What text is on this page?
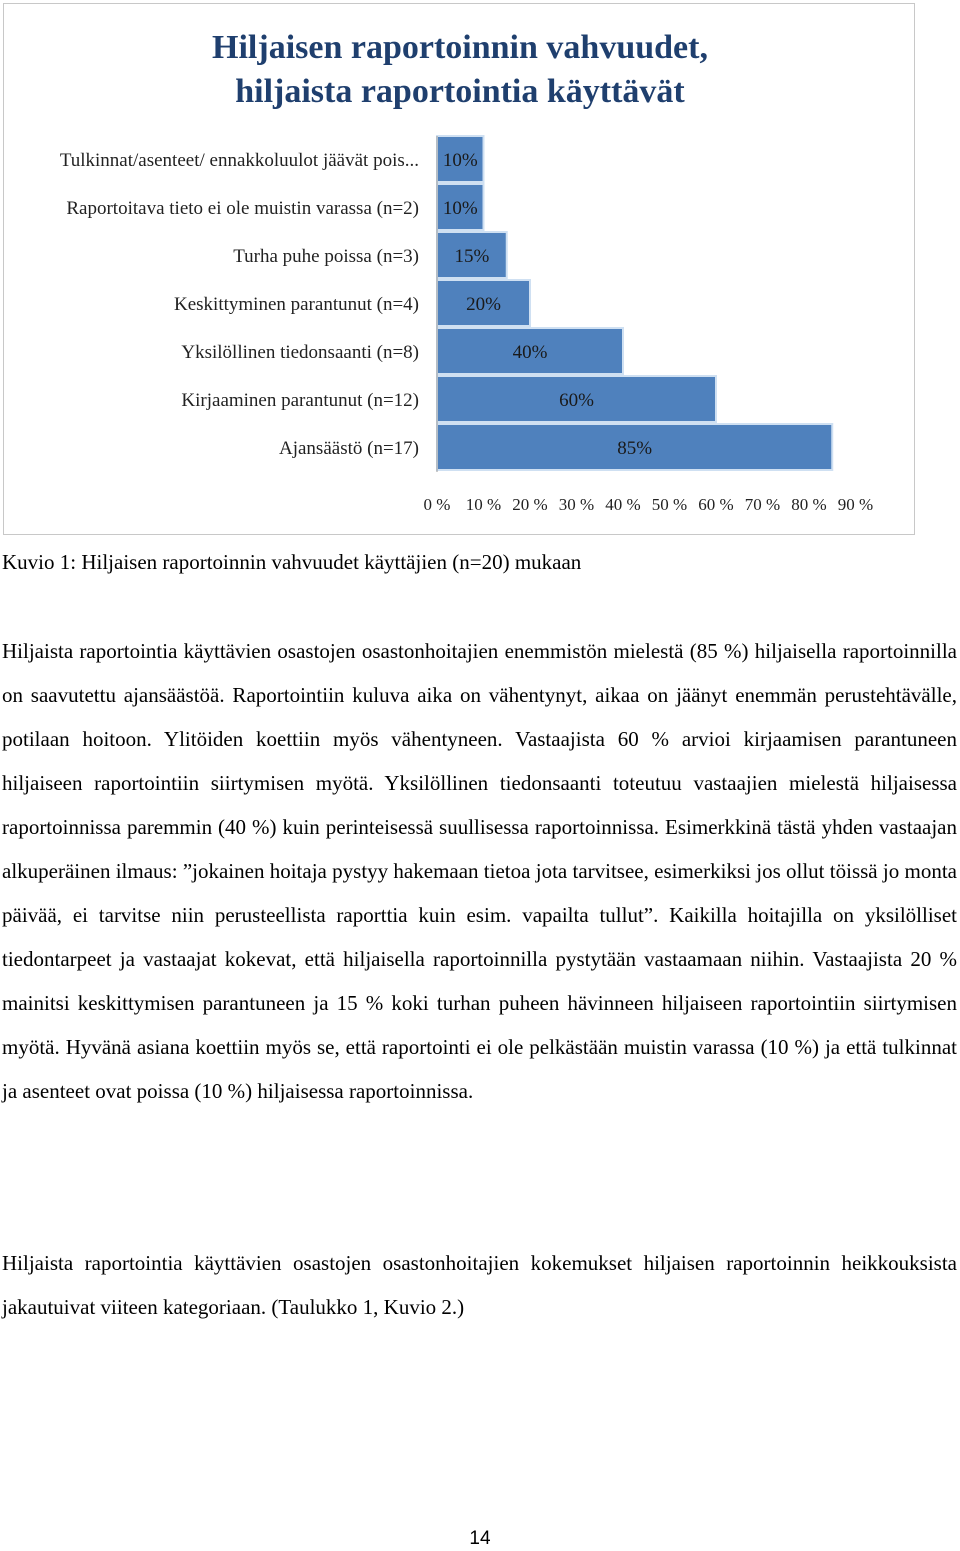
Hiljaisen raportoinnin vahvuudet,
hiljaista raportointia käyttävät
Tulkinnat/asenteet/ ennakkoluulot jäävät pois...
Raportoitava tieto ei ole muistin varassa (n=2)
Turha puhe poissa (n=3)
Keskittyminen parantunut (n=4)
Yksilöllinen tiedonsaanti (n=8)
Kirjaaminen parantunut (n=12)
Ajansäästö (n=17)
10%
10%
15%
20%
40%
60%
85%
0 % 10 % 20 % 30 % 40 % 50 % 60 % 70 % 80 % 90 %
Kuvio 1: Hiljaisen raportoinnin vahvuudet käyttäjien (n=20) mukaan

Hiljaista raportointia käyttävien osastojen osastonhoitajien enemmistön mielestä (85 %) hiljaisella raportoinnilla on saavutettu ajansäästöä. Raportointiin kuluva aika on vähentynyt, aikaa on jäänyt enemmän perustehtävälle, potilaan hoitoon. Ylitöiden koettiin myös vähentyneen. Vastaajista 60 % arvioi kirjaamisen parantuneen hiljaiseen raportointiin siirtymisen myötä. Yksilöllinen tiedonsaanti toteutuu vastaajien mielestä hiljaisessa raportoinnissa paremmin (40 %) kuin perinteisessä suullisessa raportoinnissa. Esimerkkinä tästä yhden vastaajan alkuperäinen ilmaus: ”jokainen hoitaja pystyy hakemaan tietoa jota tarvitsee, esimerkiksi jos ollut töissä jo monta päivää, ei tarvitse niin perusteellista raporttia kuin esim. vapailta tullut”. Kaikilla hoitajilla on yksilölliset tiedontarpeet ja vastaajat kokevat, että hiljaisella raportoinnilla pystytään vastaamaan niihin. Vastaajista 20 % mainitsi keskittymisen parantuneen ja 15 % koki turhan puheen hävinneen hiljaiseen raportointiin siirtymisen myötä. Hyvänä asiana koettiin myös se, että raportointi ei ole pelkästään muistin varassa (10 %) ja että tulkinnat ja asenteet ovat poissa (10 %) hiljaisessa raportoinnissa.

Hiljaista raportointia käyttävien osastojen osastonhoitajien kokemukset hiljaisen raportoinnin heikkouksista jakautuivat viiteen kategoriaan. (Taulukko 1, Kuvio 2.)

14
